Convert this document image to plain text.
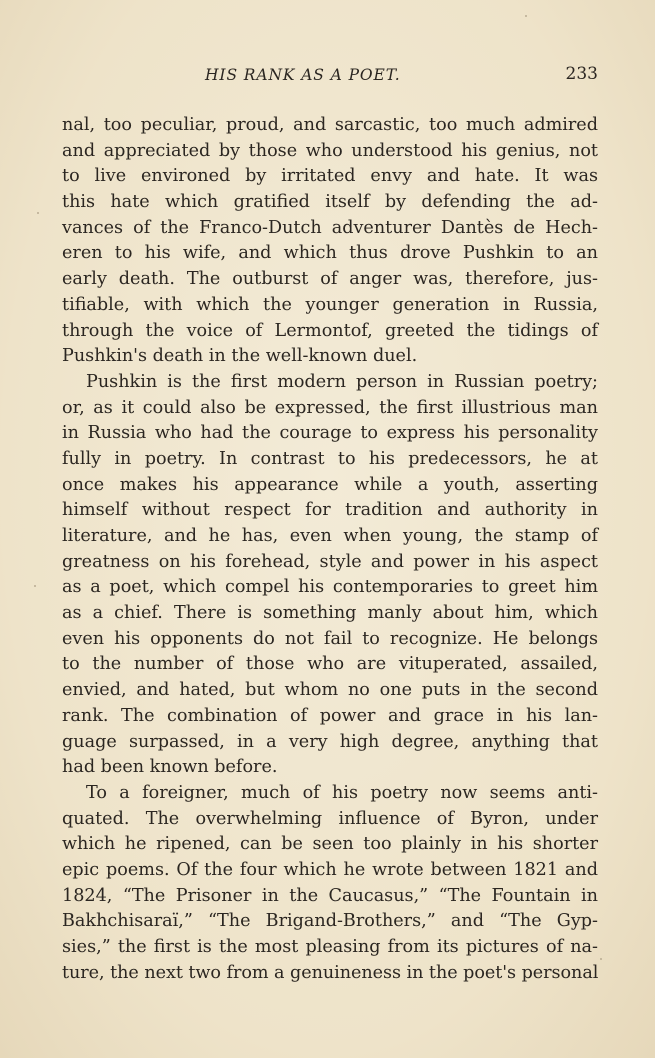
HIS RANK AS A POET.	233
nal, too peculiar, proud, and sarcastic, too much admired
and appreciated by those who understood his genius, not
to live environed by irritated envy and hate. It was
this hate which gratified itself by defending the ad-
vances of the Franco-Dutch adventurer Dantès de Hech-
eren to his wife, and which thus drove Pushkin to an
early death. The outburst of anger was, therefore, jus-
tifiable, with which the younger generation in Russia,
through the voice of Lermontof, greeted the tidings of
Pushkin's death in the well-known duel.
Pushkin is the first modern person in Russian poetry;
or, as it could also be expressed, the first illustrious man
in Russia who had the courage to express his personality
fully in poetry. In contrast to his predecessors, he at
once makes his appearance while a youth, asserting
himself without respect for tradition and authority in
literature, and he has, even when young, the stamp of
greatness on his forehead, style and power in his aspect
as a poet, which compel his contemporaries to greet him
as a chief. There is something manly about him, which
even his opponents do not fail to recognize. He belongs
to the number of those who are vituperated, assailed,
envied, and hated, but whom no one puts in the second
rank. The combination of power and grace in his lan-
guage surpassed, in a very high degree, anything that
had been known before.
To a foreigner, much of his poetry now seems anti-
quated. The overwhelming influence of Byron, under
which he ripened, can be seen too plainly in his shorter
epic poems. Of the four which he wrote between 1821 and
1824, “The Prisoner in the Caucasus,” “The Fountain in
Bakhchisaraï,” “The Brigand-Brothers,” and “The Gyp-
sies,” the first is the most pleasing from its pictures of na-
ture, the next two from a genuineness in the poet's personal
